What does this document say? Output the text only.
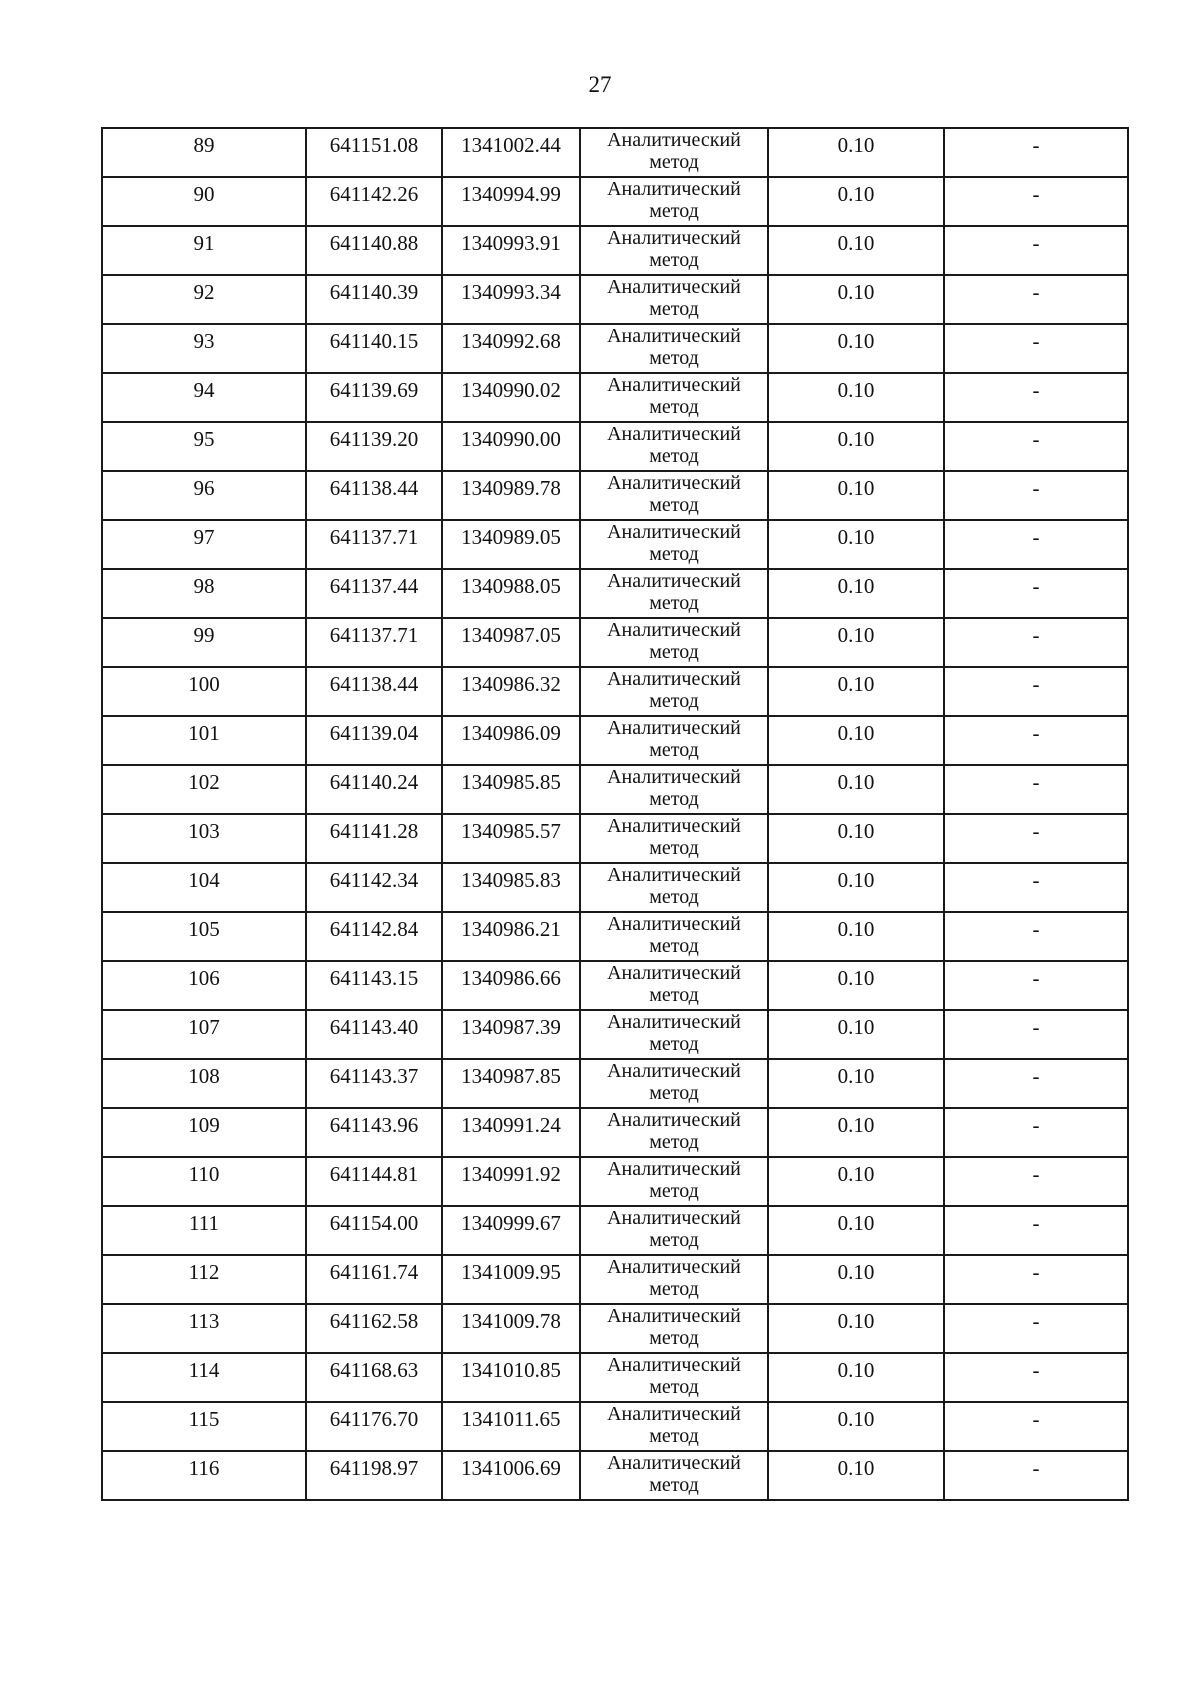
27
89	641151.08	1341002.44	Аналитический метод	0.10	-
90	641142.26	1340994.99	Аналитический метод	0.10	-
91	641140.88	1340993.91	Аналитический метод	0.10	-
92	641140.39	1340993.34	Аналитический метод	0.10	-
93	641140.15	1340992.68	Аналитический метод	0.10	-
94	641139.69	1340990.02	Аналитический метод	0.10	-
95	641139.20	1340990.00	Аналитический метод	0.10	-
96	641138.44	1340989.78	Аналитический метод	0.10	-
97	641137.71	1340989.05	Аналитический метод	0.10	-
98	641137.44	1340988.05	Аналитический метод	0.10	-
99	641137.71	1340987.05	Аналитический метод	0.10	-
100	641138.44	1340986.32	Аналитический метод	0.10	-
101	641139.04	1340986.09	Аналитический метод	0.10	-
102	641140.24	1340985.85	Аналитический метод	0.10	-
103	641141.28	1340985.57	Аналитический метод	0.10	-
104	641142.34	1340985.83	Аналитический метод	0.10	-
105	641142.84	1340986.21	Аналитический метод	0.10	-
106	641143.15	1340986.66	Аналитический метод	0.10	-
107	641143.40	1340987.39	Аналитический метод	0.10	-
108	641143.37	1340987.85	Аналитический метод	0.10	-
109	641143.96	1340991.24	Аналитический метод	0.10	-
110	641144.81	1340991.92	Аналитический метод	0.10	-
111	641154.00	1340999.67	Аналитический метод	0.10	-
112	641161.74	1341009.95	Аналитический метод	0.10	-
113	641162.58	1341009.78	Аналитический метод	0.10	-
114	641168.63	1341010.85	Аналитический метод	0.10	-
115	641176.70	1341011.65	Аналитический метод	0.10	-
116	641198.97	1341006.69	Аналитический метод	0.10	-
